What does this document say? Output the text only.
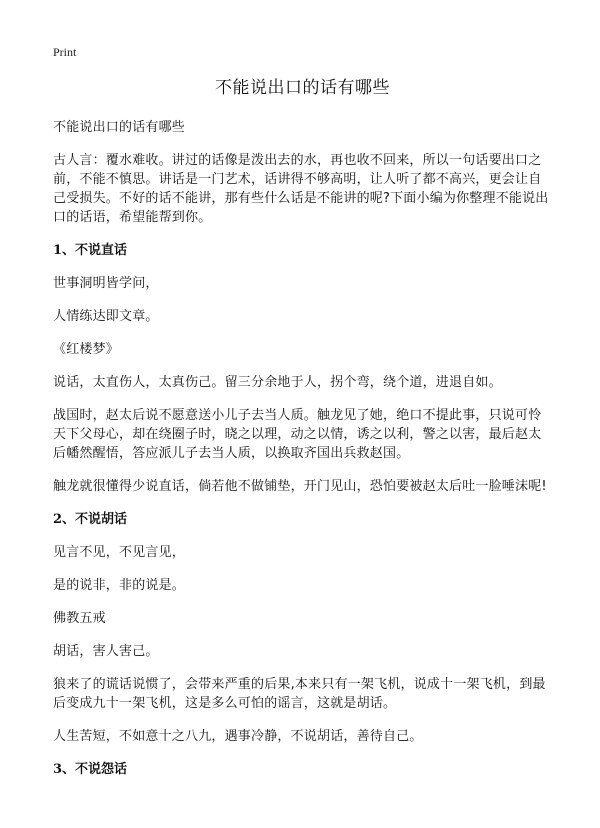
Print
不能说出口的话有哪些
不能说出口的话有哪些
古人言：覆水难收。讲过的话像是泼出去的水，再也收不回来，所以一句话要出口之前，不能不慎思。讲话是一门艺术，话讲得不够高明，让人听了都不高兴，更会让自己受损失。不好的话不能讲，那有些什么话是不能讲的呢?下面小编为你整理不能说出口的话语，希望能帮到你。
1、不说直话
世事洞明皆学问，
人情练达即文章。
《红楼梦》
说话，太直伤人，太真伤己。留三分余地于人，拐个弯，绕个道，进退自如。
战国时，赵太后说不愿意送小儿子去当人质。触龙见了她，绝口不提此事，只说可怜天下父母心，却在绕圈子时，晓之以理，动之以情，诱之以利，警之以害，最后赵太后幡然醒悟，答应派儿子去当人质，以换取齐国出兵救赵国。
触龙就很懂得少说直话，倘若他不做铺垫，开门见山，恐怕要被赵太后吐一脸唾沫呢!
2、不说胡话
见言不见，不见言见，
是的说非，非的说是。
佛教五戒
胡话，害人害己。
狼来了的谎话说惯了，会带来严重的后果,本来只有一架飞机，说成十一架飞机，到最后变成九十一架飞机，这是多么可怕的谣言，这就是胡话。
人生苦短，不如意十之八九，遇事冷静，不说胡话，善待自己。
3、不说怨话
